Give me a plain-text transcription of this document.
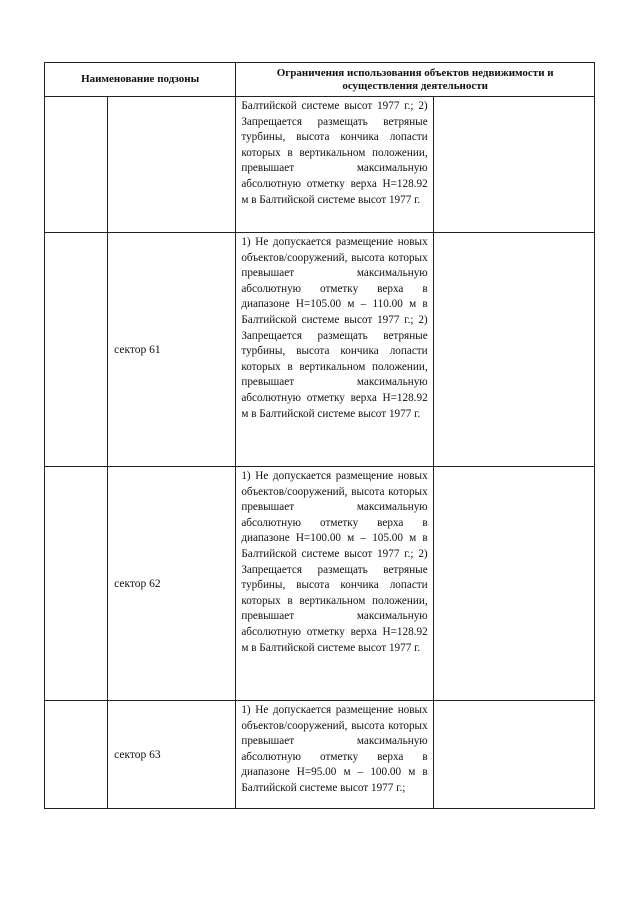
Наименование подзоны		Ограничения использования объектов недвижимости и осуществления деятельности	

		Балтийской системе высот 1977 г.; 2) Запрещается размещать ветряные турбины, высота кончика лопасти которых в вертикальном положении, превышает максимальную абсолютную отметку верха H=128.92 м в Балтийской системе высот 1977 г.	

	сектор 61	1) Не допускается размещение новых объектов/сооружений, высота которых превышает максимальную абсолютную отметку верха в диапазоне H=105.00 м – 110.00 м в Балтийской системе высот 1977 г.; 2) Запрещается размещать ветряные турбины, высота кончика лопасти которых в вертикальном положении, превышает максимальную абсолютную отметку верха H=128.92 м в Балтийской системе высот 1977 г.	

	сектор 62	1) Не допускается размещение новых объектов/сооружений, высота которых превышает максимальную абсолютную отметку верха в диапазоне H=100.00 м – 105.00 м в Балтийской системе высот 1977 г.; 2) Запрещается размещать ветряные турбины, высота кончика лопасти которых в вертикальном положении, превышает максимальную абсолютную отметку верха H=128.92 м в Балтийской системе высот 1977 г.	

	сектор 63	1) Не допускается размещение новых объектов/сооружений, высота которых превышает максимальную абсолютную отметку верха в диапазоне H=95.00 м – 100.00 м в Балтийской системе высот 1977 г.;	
